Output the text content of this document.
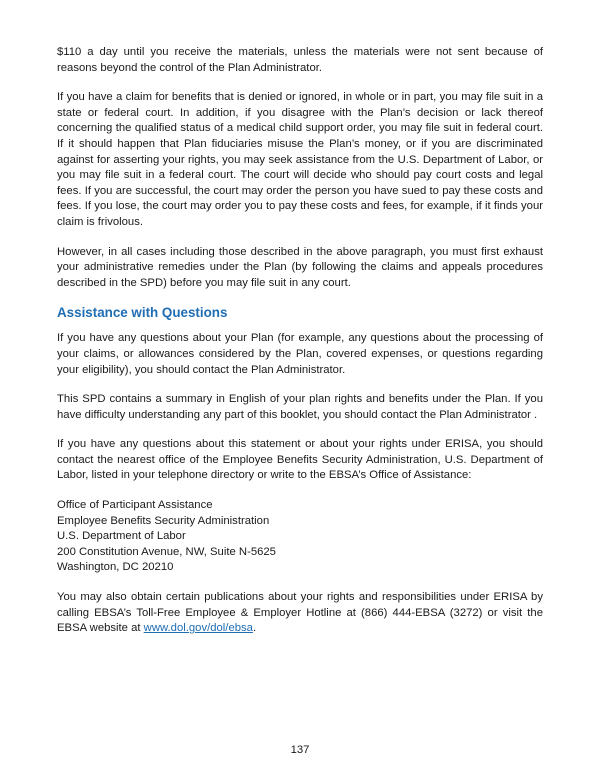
$110 a day until you receive the materials, unless the materials were not sent because of reasons beyond the control of the Plan Administrator.

If you have a claim for benefits that is denied or ignored, in whole or in part, you may file suit in a state or federal court. In addition, if you disagree with the Plan’s decision or lack thereof concerning the qualified status of a medical child support order, you may file suit in federal court. If it should happen that Plan fiduciaries misuse the Plan’s money, or if you are discriminated against for asserting your rights, you may seek assistance from the U.S. Department of Labor, or you may file suit in a federal court. The court will decide who should pay court costs and legal fees. If you are successful, the court may order the person you have sued to pay these costs and fees. If you lose, the court may order you to pay these costs and fees, for example, if it finds your claim is frivolous.

However, in all cases including those described in the above paragraph, you must first exhaust your administrative remedies under the Plan (by following the claims and appeals procedures described in the SPD) before you may file suit in any court.

Assistance with Questions

If you have any questions about your Plan (for example, any questions about the processing of your claims, or allowances considered by the Plan, covered expenses, or questions regarding your eligibility), you should contact the Plan Administrator.

This SPD contains a summary in English of your plan rights and benefits under the Plan. If you have difficulty understanding any part of this booklet, you should contact the Plan Administrator .

If you have any questions about this statement or about your rights under ERISA, you should contact the nearest office of the Employee Benefits Security Administration, U.S. Department of Labor, listed in your telephone directory or write to the EBSA’s Office of Assistance:

Office of Participant Assistance
Employee Benefits Security Administration
U.S. Department of Labor
200 Constitution Avenue, NW, Suite N-5625
Washington, DC 20210

You may also obtain certain publications about your rights and responsibilities under ERISA by calling EBSA’s Toll-Free Employee & Employer Hotline at (866) 444-EBSA (3272) or visit the EBSA website at www.dol.gov/dol/ebsa.

137
